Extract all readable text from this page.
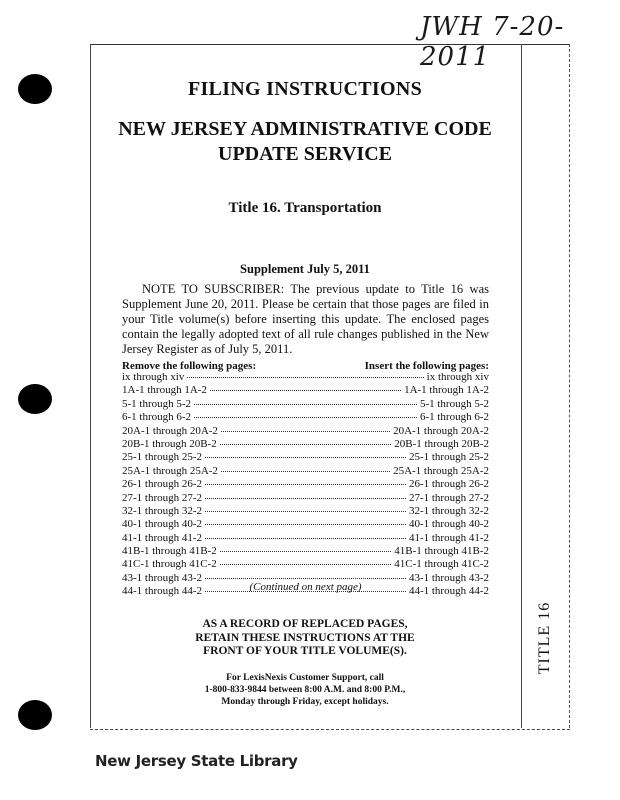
JWH 7-20-2011
FILING INSTRUCTIONS
NEW JERSEY ADMINISTRATIVE CODE
UPDATE SERVICE
Title 16. Transportation
Supplement July 5, 2011
NOTE TO SUBSCRIBER: The previous update to Title 16 was Supplement June 20, 2011. Please be certain that those pages are filed in your Title volume(s) before inserting this update. The enclosed pages contain the legally adopted text of all rule changes published in the New Jersey Register as of July 5, 2011.
Remove the following pages:	Insert the following pages:
ix through xiv	ix through xiv
1A-1 through 1A-2	1A-1 through 1A-2
5-1 through 5-2	5-1 through 5-2
6-1 through 6-2	6-1 through 6-2
20A-1 through 20A-2	20A-1 through 20A-2
20B-1 through 20B-2	20B-1 through 20B-2
25-1 through 25-2	25-1 through 25-2
25A-1 through 25A-2	25A-1 through 25A-2
26-1 through 26-2	26-1 through 26-2
27-1 through 27-2	27-1 through 27-2
32-1 through 32-2	32-1 through 32-2
40-1 through 40-2	40-1 through 40-2
41-1 through 41-2	41-1 through 41-2
41B-1 through 41B-2	41B-1 through 41B-2
41C-1 through 41C-2	41C-1 through 41C-2
43-1 through 43-2	43-1 through 43-2
44-1 through 44-2	44-1 through 44-2
(Continued on next page)
AS A RECORD OF REPLACED PAGES,
RETAIN THESE INSTRUCTIONS AT THE
FRONT OF YOUR TITLE VOLUME(S).
For LexisNexis Customer Support, call
1-800-833-9844 between 8:00 A.M. and 8:00 P.M.,
Monday through Friday, except holidays.
TITLE 16
New Jersey State Library
